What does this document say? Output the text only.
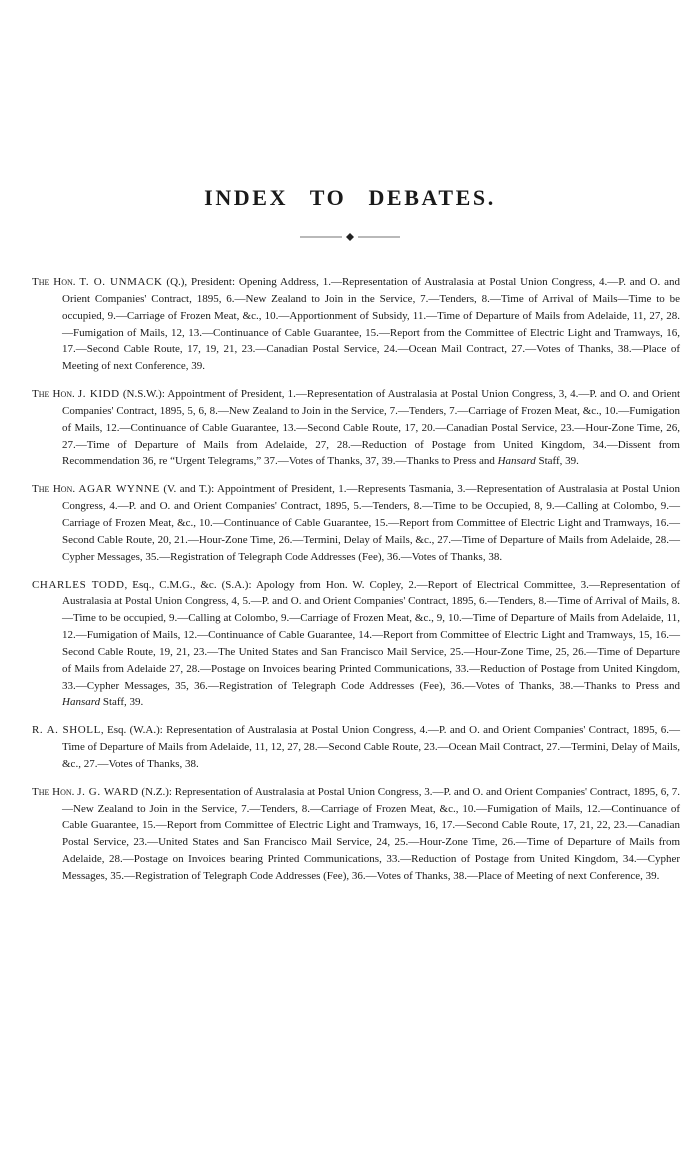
INDEX TO DEBATES.

The Hon. T. O. UNMACK (Q.), President: Opening Address, 1.—Representation of Australasia at Postal Union Congress, 4.—P. and O. and Orient Companies' Contract, 1895, 6.—New Zealand to Join in the Service, 7.—Tenders, 8.—Time of Arrival of Mails—Time to be occupied, 9.—Carriage of Frozen Meat, &c., 10.—Apportionment of Subsidy, 11.—Time of Departure of Mails from Adelaide, 11, 27, 28.—Fumigation of Mails, 12, 13.—Continuance of Cable Guarantee, 15.—Report from the Committee of Electric Light and Tramways, 16, 17.—Second Cable Route, 17, 19, 21, 23.—Canadian Postal Service, 24.—Ocean Mail Contract, 27.—Votes of Thanks, 38.—Place of Meeting of next Conference, 39.

The Hon. J. KIDD (N.S.W.): Appointment of President, 1.—Representation of Australasia at Postal Union Congress, 3, 4.—P. and O. and Orient Companies' Contract, 1895, 5, 6, 8.—New Zealand to Join in the Service, 7.—Tenders, 7.—Carriage of Frozen Meat, &c., 10.—Fumigation of Mails, 12.—Continuance of Cable Guarantee, 13.—Second Cable Route, 17, 20.—Canadian Postal Service, 23.—Hour-Zone Time, 26, 27.—Time of Departure of Mails from Adelaide, 27, 28.—Reduction of Postage from United Kingdom, 34.—Dissent from Recommendation 36, re “Urgent Telegrams,” 37.—Votes of Thanks, 37, 39.—Thanks to Press and Hansard Staff, 39.

The Hon. AGAR WYNNE (V. and T.): Appointment of President, 1.—Represents Tasmania, 3.—Representation of Australasia at Postal Union Congress, 4.—P. and O. and Orient Companies' Contract, 1895, 5.—Tenders, 8.—Time to be Occupied, 8, 9.—Calling at Colombo, 9.—Carriage of Frozen Meat, &c., 10.—Continuance of Cable Guarantee, 15.—Report from Committee of Electric Light and Tramways, 16.—Second Cable Route, 20, 21.—Hour-Zone Time, 26.—Termini, Delay of Mails, &c., 27.—Time of Departure of Mails from Adelaide, 28.—Cypher Messages, 35.—Registration of Telegraph Code Addresses (Fee), 36.—Votes of Thanks, 38.

CHARLES TODD, Esq., C.M.G., &c. (S.A.): Apology from Hon. W. Copley, 2.—Report of Electrical Committee, 3.—Representation of Australasia at Postal Union Congress, 4, 5.—P. and O. and Orient Companies' Contract, 1895, 6.—Tenders, 8.—Time of Arrival of Mails, 8.—Time to be occupied, 9.—Calling at Colombo, 9.—Carriage of Frozen Meat, &c., 9, 10.—Time of Departure of Mails from Adelaide, 11, 12.—Fumigation of Mails, 12.—Continuance of Cable Guarantee, 14.—Report from Committee of Electric Light and Tramways, 15, 16.—Second Cable Route, 19, 21, 23.—The United States and San Francisco Mail Service, 25.—Hour-Zone Time, 25, 26.—Time of Departure of Mails from Adelaide 27, 28.—Postage on Invoices bearing Printed Communications, 33.—Reduction of Postage from United Kingdom, 33.—Cypher Messages, 35, 36.—Registration of Telegraph Code Addresses (Fee), 36.—Votes of Thanks, 38.—Thanks to Press and Hansard Staff, 39.

R. A. SHOLL, Esq. (W.A.): Representation of Australasia at Postal Union Congress, 4.—P. and O. and Orient Companies' Contract, 1895, 6.—Time of Departure of Mails from Adelaide, 11, 12, 27, 28.—Second Cable Route, 23.—Ocean Mail Contract, 27.—Termini, Delay of Mails, &c., 27.—Votes of Thanks, 38.

The Hon. J. G. WARD (N.Z.): Representation of Australasia at Postal Union Congress, 3.—P. and O. and Orient Companies' Contract, 1895, 6, 7.—New Zealand to Join in the Service, 7.—Tenders, 8.—Carriage of Frozen Meat, &c., 10.—Fumigation of Mails, 12.—Continuance of Cable Guarantee, 15.—Report from Committee of Electric Light and Tramways, 16, 17.—Second Cable Route, 17, 21, 22, 23.—Canadian Postal Service, 23.—United States and San Francisco Mail Service, 24, 25.—Hour-Zone Time, 26.—Time of Departure of Mails from Adelaide, 28.—Postage on Invoices bearing Printed Communications, 33.—Reduction of Postage from United Kingdom, 34.—Cypher Messages, 35.—Registration of Telegraph Code Addresses (Fee), 36.—Votes of Thanks, 38.—Place of Meeting of next Conference, 39.
